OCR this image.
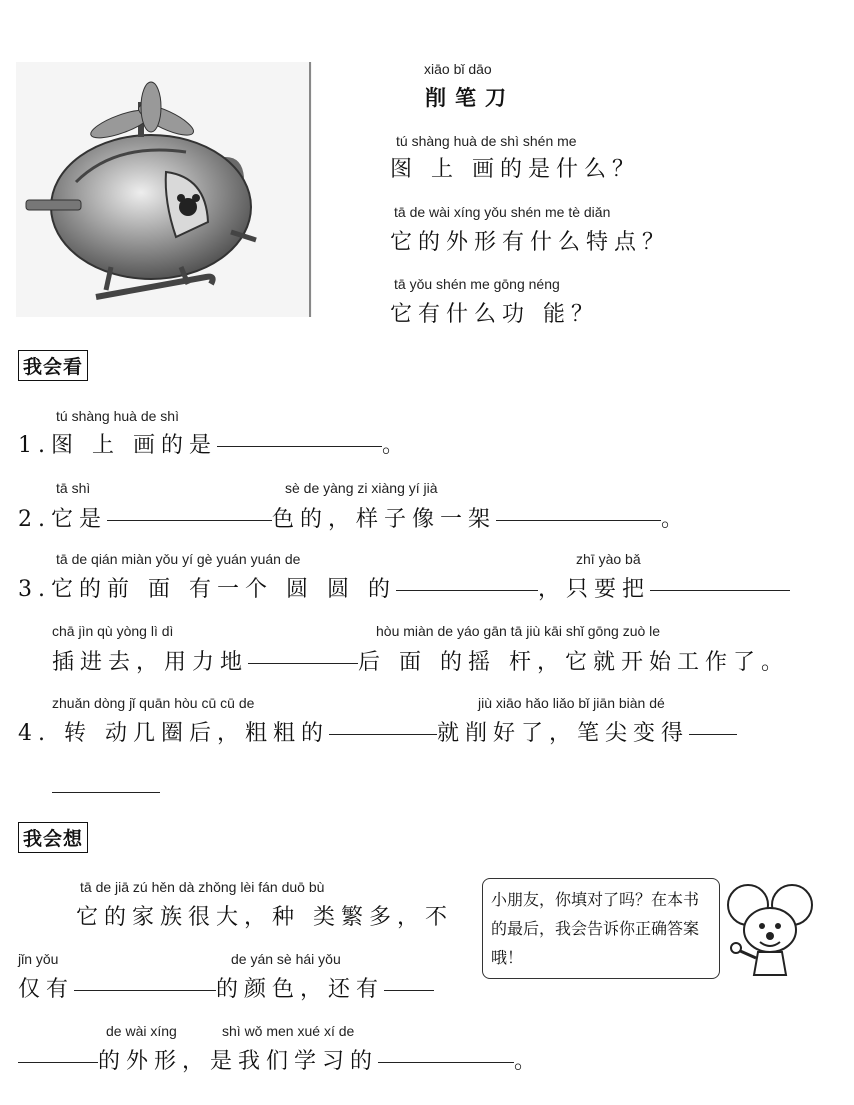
xiāo bǐ dāo
削笔刀
tú shàng huà de shì shén me
图 上 画的是什么？
tā de wài xíng yǒu shén me tè diǎn
它的外形有什么特点？
tā yǒu shén me gōng néng
它有什么功 能？
我会看
tú shàng huà de shì
1.图 上 画的是	。
tā shì	sè de yàng zi xiàng yí jià
2.它是	色的，样子像一架	。
tā de qián miàn yǒu yí gè yuán yuán de	zhī yào bǎ
3.它的前 面 有一个 圆 圆 的	，只要把
chā jìn qù yòng lì dì	hòu miàn de yáo gān tā jiù kāi shǐ gōng zuò le
插进去，用力地	后 面 的摇 杆，它就开始工作了。
zhuǎn dòng jǐ quān hòu cū cū de	jiù xiāo hǎo liǎo bǐ jiān biàn dé
4. 转 动几圈后，粗粗的	就削好了，笔尖变得
我会想
tā de jiā zú hěn dà zhǒng lèi fán duō bù
它的家族很大，种 类繁多，不
jǐn yǒu	de yán sè hái yǒu
仅有	的颜色，还有
de wài xíng	shì wǒ men xué xí de
的外形，是我们学习的	。
小朋友，你填对了吗？在本书的最后，我会告诉你正确答案哦！
